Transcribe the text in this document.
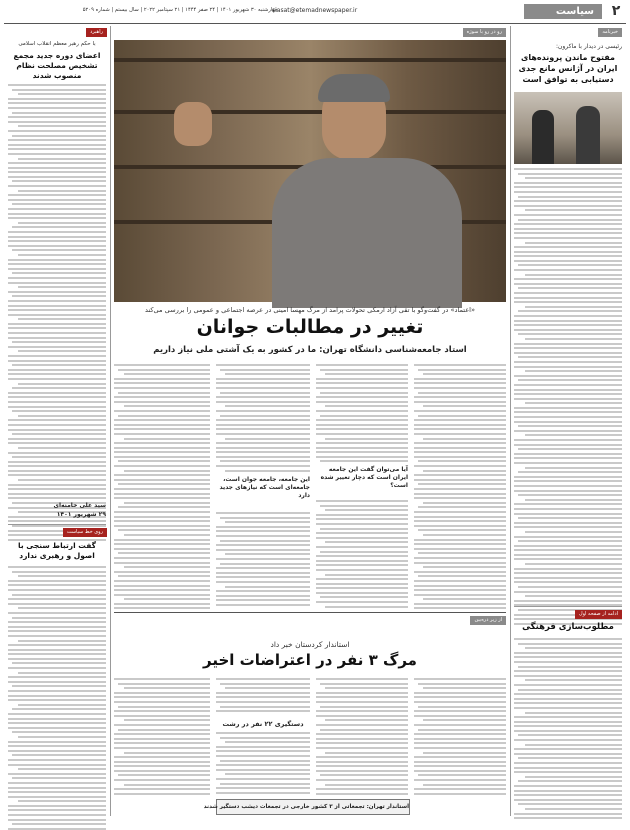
۲
سیاست
siasat@etemadnewspaper.ir
چهارشنبه ۳۰ شهریور ۱۴۰۱ | ۲۴ صفر ۱۴۴۴ | ۲۱ سپتامبر ۲۰۲۲ | سال بیستم | شماره ۵۲۰۹
خبرنامه
رئیسی در دیدار با ماکرون:
مفتوح ماندن پرونده‌های ایران در آژانس مانع جدی دستیابی به توافق است
ادامه از صفحه اول
مطلوب‌سازی فرهنگی
راهبرد
با حکم رهبر معظم انقلاب اسلامی
اعضای دوره جدید مجمع تشخیص مصلحت نظام منصوب شدند
سید علی خامنه‌ای
۲۹ شهریور ۱۴۰۱
روی خط سیاست
گفت ارتباط سنجی با اصول و رهبری ندارد
رو در رو با سوژه
«اعتماد» در گفت‌وگو با تقی آزاد ارمکی تحولات پرامد از مرگ مهسا امینی در عرصه اجتماعی و عمومی را بررسی می‌کند
تغییر در مطالبات جوانان
استاد جامعه‌شناسی دانشگاه تهران: ما در کشور به یک آشتی ملی نیاز داریم
آیا می‌توان گفت این جامعه ایران است که دچار تغییر شده است؟
این جامعه، جامعه جوان است، جامعه‌ای است که نیازهای جدید دارد
از زیر ذره‌بین
استاندار کردستان خبر داد
مرگ ۳ نفر در اعتراضات اخیر
دستگیری ۲۲ نفر در رشت
استاندار تهران: تجمعاتی از ۳ کشور خارجی در تجمعات دیشب دستگیر شدند
